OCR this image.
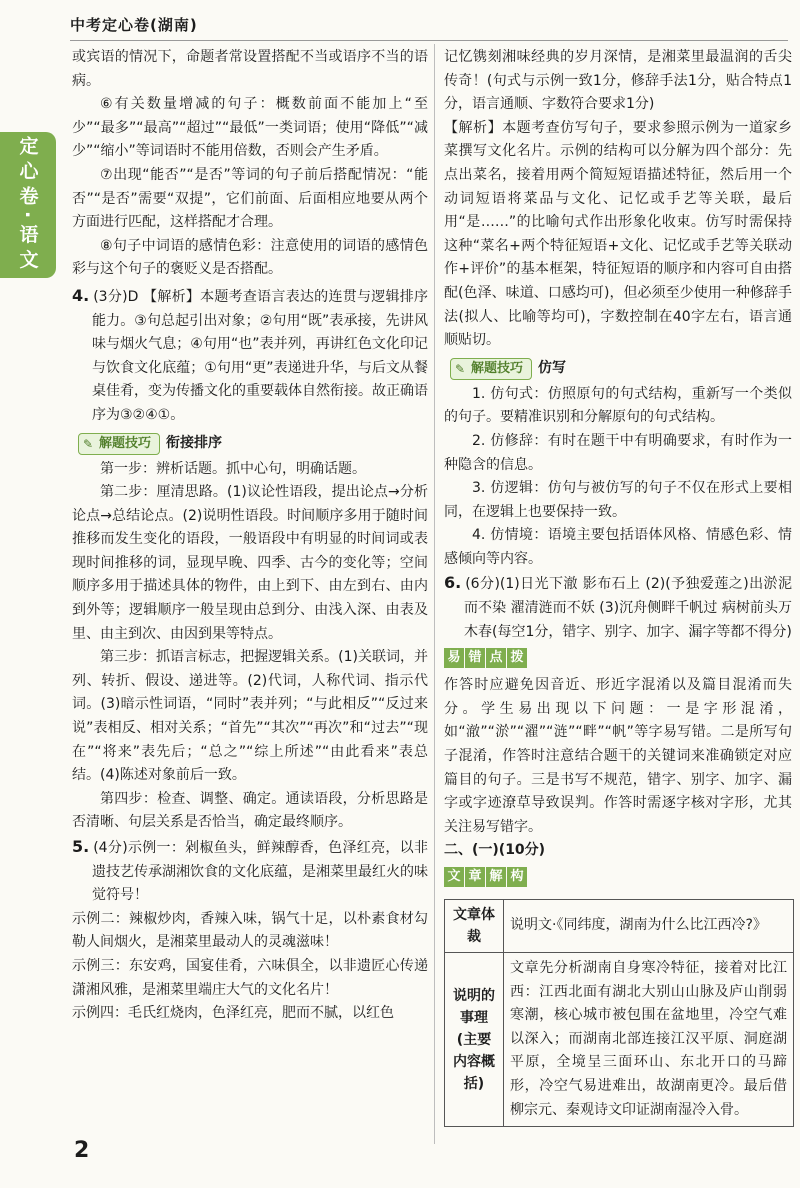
中考定心卷(湖南)
定心卷·语文

或宾语的情况下，命题者常设置搭配不当或语序不当的语病。

⑥有关数量增减的句子：概数前面不能加上“至少”“最多”“最高”“超过”“最低”一类词语；使用“降低”“减少”“缩小”等词语时不能用倍数，否则会产生矛盾。

⑦出现“能否”“是否”等词的句子前后搭配情况：“能否”“是否”需要“双提”，它们前面、后面相应地要从两个方面进行匹配，这样搭配才合理。

⑧句子中词语的感情色彩：注意使用的词语的感情色彩与这个句子的褒贬义是否搭配。

4. (3分)D 【解析】本题考查语言表达的连贯与逻辑排序能力。③句总起引出对象；②句用“既”表承接，先讲风味与烟火气息；④句用“也”表并列，再讲红色文化印记与饮食文化底蕴；①句用“更”表递进升华，与后文从餐桌佳肴，变为传播文化的重要载体自然衔接。故正确语序为③②④①。

✎ 解题技巧 衔接排序

第一步：辨析话题。抓中心句，明确话题。

第二步：厘清思路。(1)议论性语段，提出论点→分析论点→总结论点。(2)说明性语段。时间顺序多用于随时间推移而发生变化的语段，一般语段中有明显的时间词或表现时间推移的词，显现早晚、四季、古今的变化等；空间顺序多用于描述具体的物件，由上到下、由左到右、由内到外等；逻辑顺序一般呈现由总到分、由浅入深、由表及里、由主到次、由因到果等特点。

第三步：抓语言标志，把握逻辑关系。(1)关联词，并列、转折、假设、递进等。(2)代词，人称代词、指示代词。(3)暗示性词语，“同时”表并列；“与此相反”“反过来说”表相反、相对关系；“首先”“其次”“再次”和“过去”“现在”“将来”表先后；“总之”“综上所述”“由此看来”表总结。(4)陈述对象前后一致。

第四步：检查、调整、确定。通读语段，分析思路是否清晰、句层关系是否恰当，确定最终顺序。

5. (4分)示例一：剁椒鱼头，鲜辣醇香，色泽红亮，以非遗技艺传承湖湘饮食的文化底蕴，是湘菜里最红火的味觉符号！

示例二：辣椒炒肉，香辣入味，锅气十足，以朴素食材勾勒人间烟火，是湘菜里最动人的灵魂滋味！

示例三：东安鸡，国宴佳肴，六味俱全，以非遗匠心传递潇湘风雅，是湘菜里端庄大气的文化名片！

示例四：毛氏红烧肉，色泽红亮，肥而不腻，以红色

记忆镌刻湘味经典的岁月深情，是湘菜里最温润的舌尖传奇！(句式与示例一致1分，修辞手法1分，贴合特点1分，语言通顺、字数符合要求1分)

【解析】本题考查仿写句子，要求参照示例为一道家乡菜撰写文化名片。示例的结构可以分解为四个部分：先点出菜名，接着用两个简短短语描述特征，然后用一个动词短语将菜品与文化、记忆或手艺等关联，最后用“是……”的比喻句式作出形象化收束。仿写时需保持这种“菜名+两个特征短语+文化、记忆或手艺等关联动作+评价”的基本框架，特征短语的顺序和内容可自由搭配(色泽、味道、口感均可)，但必须至少使用一种修辞手法(拟人、比喻等均可)，字数控制在40字左右，语言通顺贴切。

✎ 解题技巧 仿写

1. 仿句式：仿照原句的句式结构，重新写一个类似的句子。要精准识别和分解原句的句式结构。

2. 仿修辞：有时在题干中有明确要求，有时作为一种隐含的信息。

3. 仿逻辑：仿句与被仿写的句子不仅在形式上要相同，在逻辑上也要保持一致。

4. 仿情境：语境主要包括语体风格、情感色彩、情感倾向等内容。

6. (6分)(1)日光下澈 影布石上 (2)(予独爱莲之)出淤泥而不染 濯清涟而不妖 (3)沉舟侧畔千帆过 病树前头万木春(每空1分，错字、别字、加字、漏字等都不得分)

易 错 点 拨

作答时应避免因音近、形近字混淆以及篇目混淆而失分。学生易出现以下问题：一是字形混淆，如“澈”“淤”“濯”“涟”“畔”“帆”等字易写错。二是所写句子混淆，作答时注意结合题干的关键词来准确锁定对应篇目的句子。三是书写不规范，错字、别字、加字、漏字或字迹潦草导致误判。作答时需逐字核对字形，尤其关注易写错字。

二、(一)(10分)

文 章 解 构
文章体裁	说明文·《同纬度，湖南为什么比江西冷?》
说明的事理(主要内容概括)	文章先分析湖南自身寒冷特征，接着对比江西：江西北面有湖北大别山山脉及庐山削弱寒潮，核心城市被包围在盆地里，冷空气难以深入；而湖南北部连接江汉平原、洞庭湖平原，全境呈三面环山、东北开口的马蹄形，冷空气易进难出，故湖南更冷。最后借柳宗元、秦观诗文印证湖南湿冷入骨。
2
